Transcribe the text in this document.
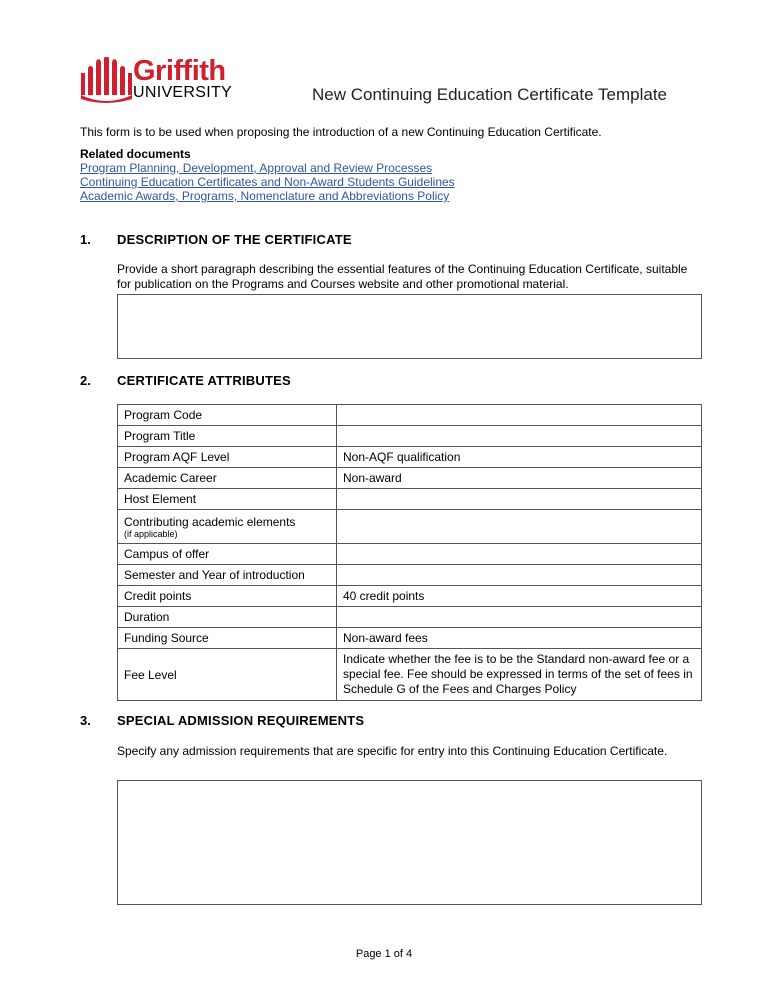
Griffith
UNIVERSITY	New Continuing Education Certificate Template
This form is to be used when proposing the introduction of a new Continuing Education Certificate.
Related documents
Program Planning, Development, Approval and Review Processes
Continuing Education Certificates and Non-Award Students Guidelines
Academic Awards, Programs, Nomenclature and Abbreviations Policy
1. DESCRIPTION OF THE CERTIFICATE
Provide a short paragraph describing the essential features of the Continuing Education Certificate, suitable for publication on the Programs and Courses website and other promotional material.
2. CERTIFICATE ATTRIBUTES
Program Code	
Program Title	
Program AQF Level	Non-AQF qualification
Academic Career	Non-award
Host Element	
Contributing academic elements
(if applicable)	

Campus of offer	
Semester and Year of introduction	
Credit points	40 credit points
Duration	
Funding Source	Non-award fees
Fee Level	Indicate whether the fee is to be the Standard non-award fee or a special fee. Fee should be expressed in terms of the set of fees in Schedule G of the Fees and Charges Policy
3. SPECIAL ADMISSION REQUIREMENTS
Specify any admission requirements that are specific for entry into this Continuing Education Certificate.
Page 1 of 4
